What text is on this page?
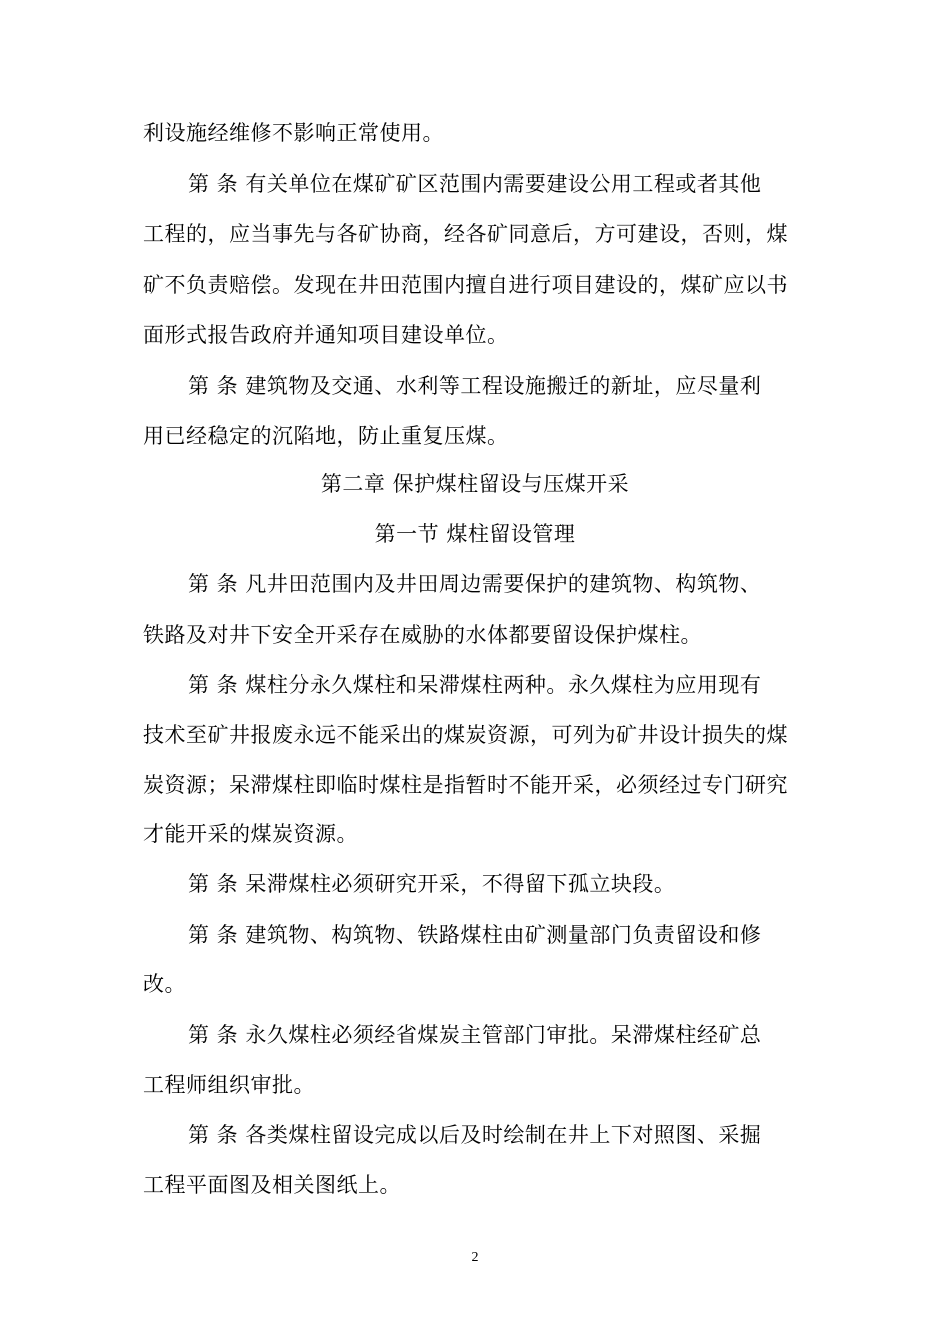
利设施经维修不影响正常使用。
第 条 有关单位在煤矿矿区范围内需要建设公用工程或者其他
工程的，应当事先与各矿协商，经各矿同意后，方可建设，否则，煤
矿不负责赔偿。发现在井田范围内擅自进行项目建设的，煤矿应以书
面形式报告政府并通知项目建设单位。
第 条 建筑物及交通、水利等工程设施搬迁的新址，应尽量利
用已经稳定的沉陷地，防止重复压煤。
第二章 保护煤柱留设与压煤开采
第一节 煤柱留设管理
第 条 凡井田范围内及井田周边需要保护的建筑物、构筑物、
铁路及对井下安全开采存在威胁的水体都要留设保护煤柱。
第 条 煤柱分永久煤柱和呆滞煤柱两种。永久煤柱为应用现有
技术至矿井报废永远不能采出的煤炭资源，可列为矿井设计损失的煤
炭资源；呆滞煤柱即临时煤柱是指暂时不能开采，必须经过专门研究
才能开采的煤炭资源。
第 条 呆滞煤柱必须研究开采，不得留下孤立块段。
第 条 建筑物、构筑物、铁路煤柱由矿测量部门负责留设和修
改。
第 条 永久煤柱必须经省煤炭主管部门审批。呆滞煤柱经矿总
工程师组织审批。
第 条 各类煤柱留设完成以后及时绘制在井上下对照图、采掘
工程平面图及相关图纸上。
2
